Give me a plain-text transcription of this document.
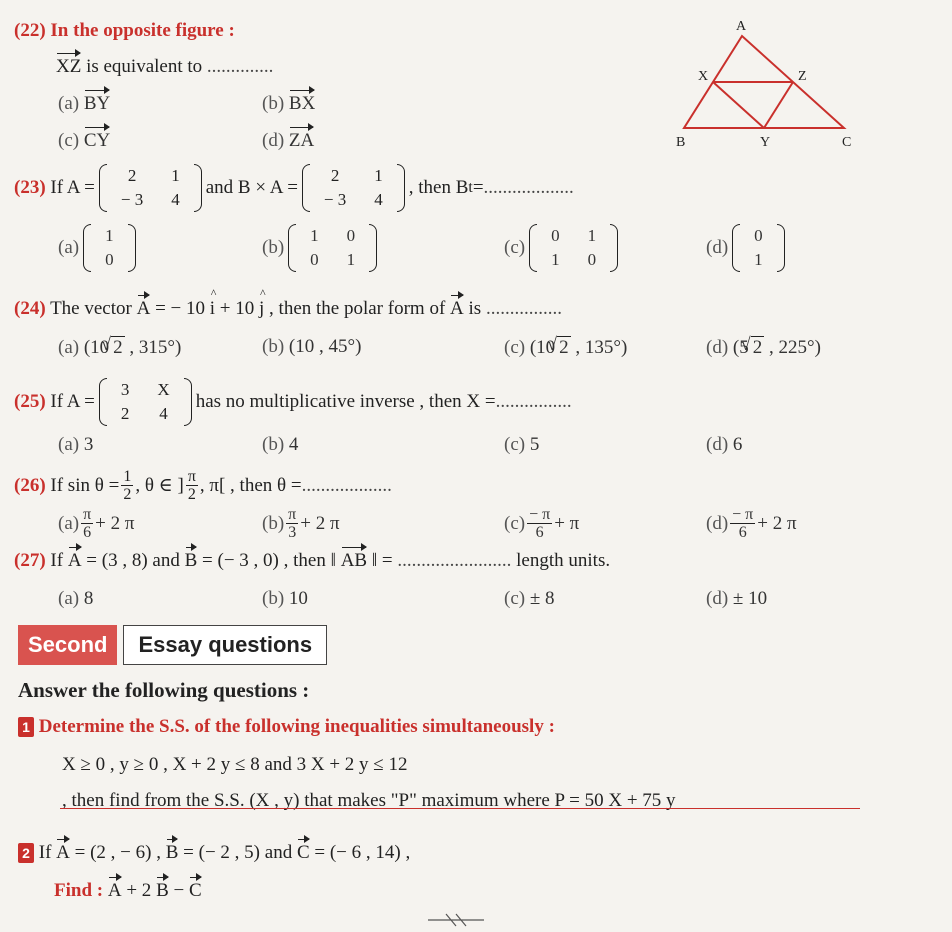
(22) In the opposite figure :
XZ is equivalent to ..............
(a) BY	(b) BX
(c) CY	(d) ZA
A
X	Z
B	Y	C
(23)
If A =
2	1
− 3	4
and B × A =
2	1
− 3	4
, then B t = ...................
(a)
1
0
(b)
1	0
0	1
(c)
0	1
1	0
(d)
0
1
(24) The vector A = − 10 i ^ + 10 j ^ , then the polar form of A is ................
(a) (10 √ 2 , 315°)	(b) (10 , 45°)	(c) (10 √ 2 , 135°)	(d) (5 √ 2 , 225°)
(25)
If A =
3	X
2	4
has no multiplicative inverse , then X = ................
(a) 3	(b) 4	(c) 5	(d) 6
(26)
If $\sin \theta = \frac{1}{2}$ , θ ∈ ] $\frac{\pi}{2}$ , π[ , then θ = ...................
$(a) \frac{\pi}{6} + 2$ π	$(b) \frac{\pi}{3} + 2$ π	$(c) \frac{- \pi}{6} + \pi$	$(d) \frac{- \pi}{6} + 2$ π
(27) If A = (3 , 8) and B = (− 3 , 0) , then ‖ AB ‖ = ........................ length units.
(a) 8	(b) 10	(c) ± 8	(d) ± 10
Second	Essay questions
Answer the following questions :
1 Determine the S.S. of the following inequalities simultaneously :
X ≥ 0 , y ≥ 0 , X + 2 y ≤ 8 and 3 X + 2 y ≤ 12
, then find from the S.S. (X , y) that makes "P" maximum where P = 50 X + 75 y
2 If A = (2 , − 6) , B = (− 2 , 5) and C = (− 6 , 14) ,
Find : A + 2 B − C
